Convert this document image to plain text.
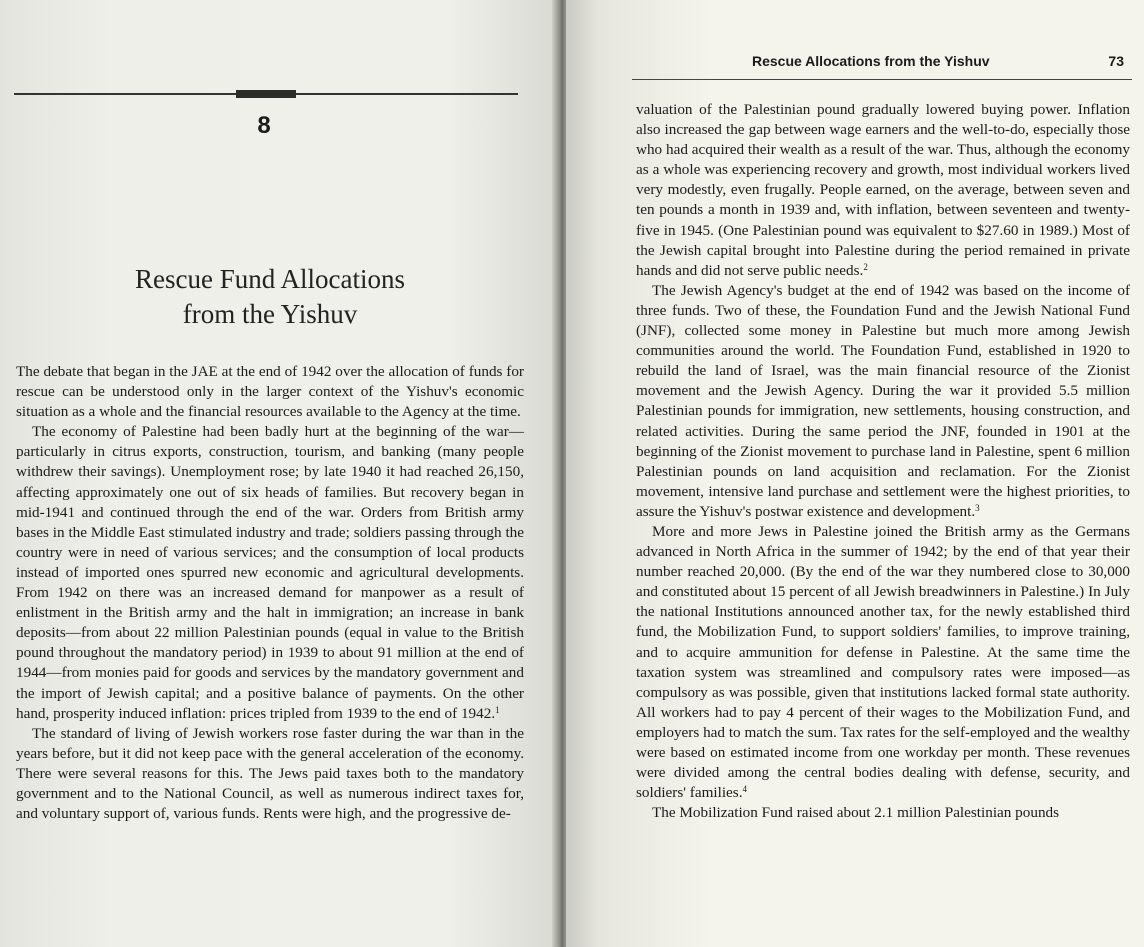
8
Rescue Fund Allocations
from the Yishuv

The debate that began in the JAE at the end of 1942 over the allocation of funds for rescue can be understood only in the larger context of the Yishuv's economic situation as a whole and the financial resources available to the Agency at the time.

The economy of Palestine had been badly hurt at the beginning of the war—particularly in citrus exports, construction, tourism, and banking (many people withdrew their savings). Unemployment rose; by late 1940 it had reached 26,150, affecting approximately one out of six heads of families. But recovery began in mid-1941 and continued through the end of the war. Orders from British army bases in the Middle East stimulated industry and trade; soldiers passing through the country were in need of various services; and the consumption of local products instead of imported ones spurred new economic and agricultural developments. From 1942 on there was an increased demand for manpower as a result of enlistment in the British army and the halt in immigration; an increase in bank deposits—from about 22 million Palestinian pounds (equal in value to the British pound throughout the mandatory period) in 1939 to about 91 million at the end of 1944—from monies paid for goods and services by the mandatory government and the import of Jewish capital; and a positive balance of payments. On the other hand, prosperity induced inflation: prices tripled from 1939 to the end of 1942.$^1$

The standard of living of Jewish workers rose faster during the war than in the years before, but it did not keep pace with the general acceleration of the economy. There were several reasons for this. The Jews paid taxes both to the mandatory government and to the National Council, as well as numerous indirect taxes for, and voluntary support of, various funds. Rents were high, and the progressive de-

Rescue Allocations from the Yishuv	73

valuation of the Palestinian pound gradually lowered buying power. Inflation also increased the gap between wage earners and the well-to-do, especially those who had acquired their wealth as a result of the war. Thus, although the economy as a whole was experiencing recovery and growth, most individual workers lived very modestly, even frugally. People earned, on the average, between seven and ten pounds a month in 1939 and, with inflation, between seventeen and twenty-five in 1945. (One Palestinian pound was equivalent to $27.60 in 1989.) Most of the Jewish capital brought into Palestine during the period remained in private hands and did not serve public needs.$^2$

The Jewish Agency's budget at the end of 1942 was based on the income of three funds. Two of these, the Foundation Fund and the Jewish National Fund (JNF), collected some money in Palestine but much more among Jewish communities around the world. The Foundation Fund, established in 1920 to rebuild the land of Israel, was the main financial resource of the Zionist movement and the Jewish Agency. During the war it provided 5.5 million Palestinian pounds for immigration, new settlements, housing construction, and related activities. During the same period the JNF, founded in 1901 at the beginning of the Zionist movement to purchase land in Palestine, spent 6 million Palestinian pounds on land acquisition and reclamation. For the Zionist movement, intensive land purchase and settlement were the highest priorities, to assure the Yishuv's postwar existence and development.$^3$

More and more Jews in Palestine joined the British army as the Germans advanced in North Africa in the summer of 1942; by the end of that year their number reached 20,000. (By the end of the war they numbered close to 30,000 and constituted about 15 percent of all Jewish breadwinners in Palestine.) In July the national Institutions announced another tax, for the newly established third fund, the Mobilization Fund, to support soldiers' families, to improve training, and to acquire ammunition for defense in Palestine. At the same time the taxation system was streamlined and compulsory rates were imposed—as compulsory as was possible, given that institutions lacked formal state authority. All workers had to pay 4 percent of their wages to the Mobilization Fund, and employers had to match the sum. Tax rates for the self-employed and the wealthy were based on estimated income from one workday per month. These revenues were divided among the central bodies dealing with defense, security, and soldiers' families.$^4$

The Mobilization Fund raised about 2.1 million Palestinian pounds
